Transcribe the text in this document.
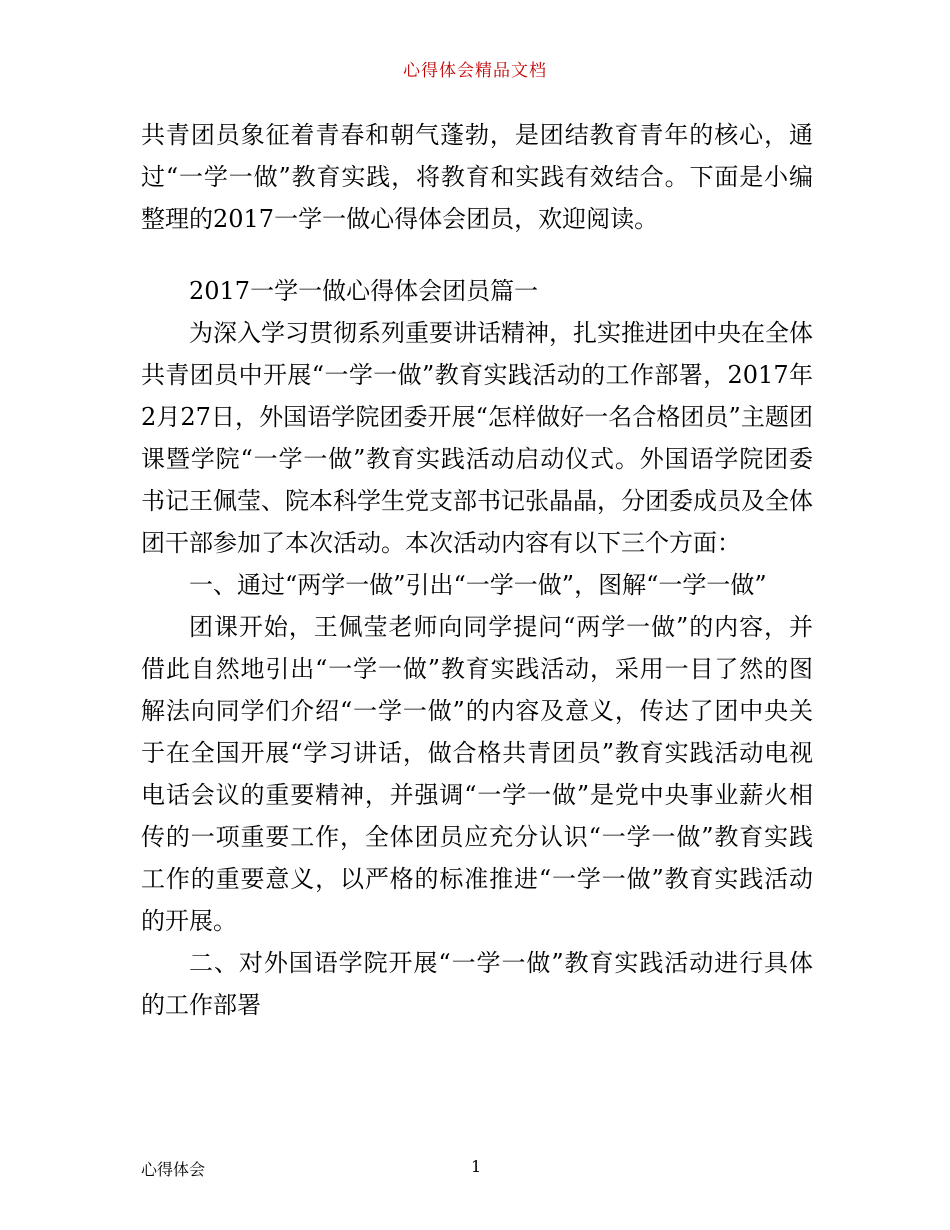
心得体会精品文档

共青团员象征着青春和朝气蓬勃，是团结教育青年的核心，通过“一学一做”教育实践，将教育和实践有效结合。下面是小编整理的2017一学一做心得体会团员，欢迎阅读。

2017一学一做心得体会团员篇一

为深入学习贯彻系列重要讲话精神，扎实推进团中央在全体共青团员中开展“一学一做”教育实践活动的工作部署，2017年2月27日，外国语学院团委开展“怎样做好一名合格团员”主题团课暨学院“一学一做”教育实践活动启动仪式。外国语学院团委书记王佩莹、院本科学生党支部书记张晶晶，分团委成员及全体团干部参加了本次活动。本次活动内容有以下三个方面：

一、通过“两学一做”引出“一学一做”，图解“一学一做”

团课开始，王佩莹老师向同学提问“两学一做”的内容，并借此自然地引出“一学一做”教育实践活动，采用一目了然的图解法向同学们介绍“一学一做”的内容及意义，传达了团中央关于在全国开展“学习讲话，做合格共青团员”教育实践活动电视电话会议的重要精神，并强调“一学一做”是党中央事业薪火相传的一项重要工作，全体团员应充分认识“一学一做”教育实践工作的重要意义，以严格的标准推进“一学一做”教育实践活动的开展。

二、对外国语学院开展“一学一做”教育实践活动进行具体的工作部署

心得体会	1
